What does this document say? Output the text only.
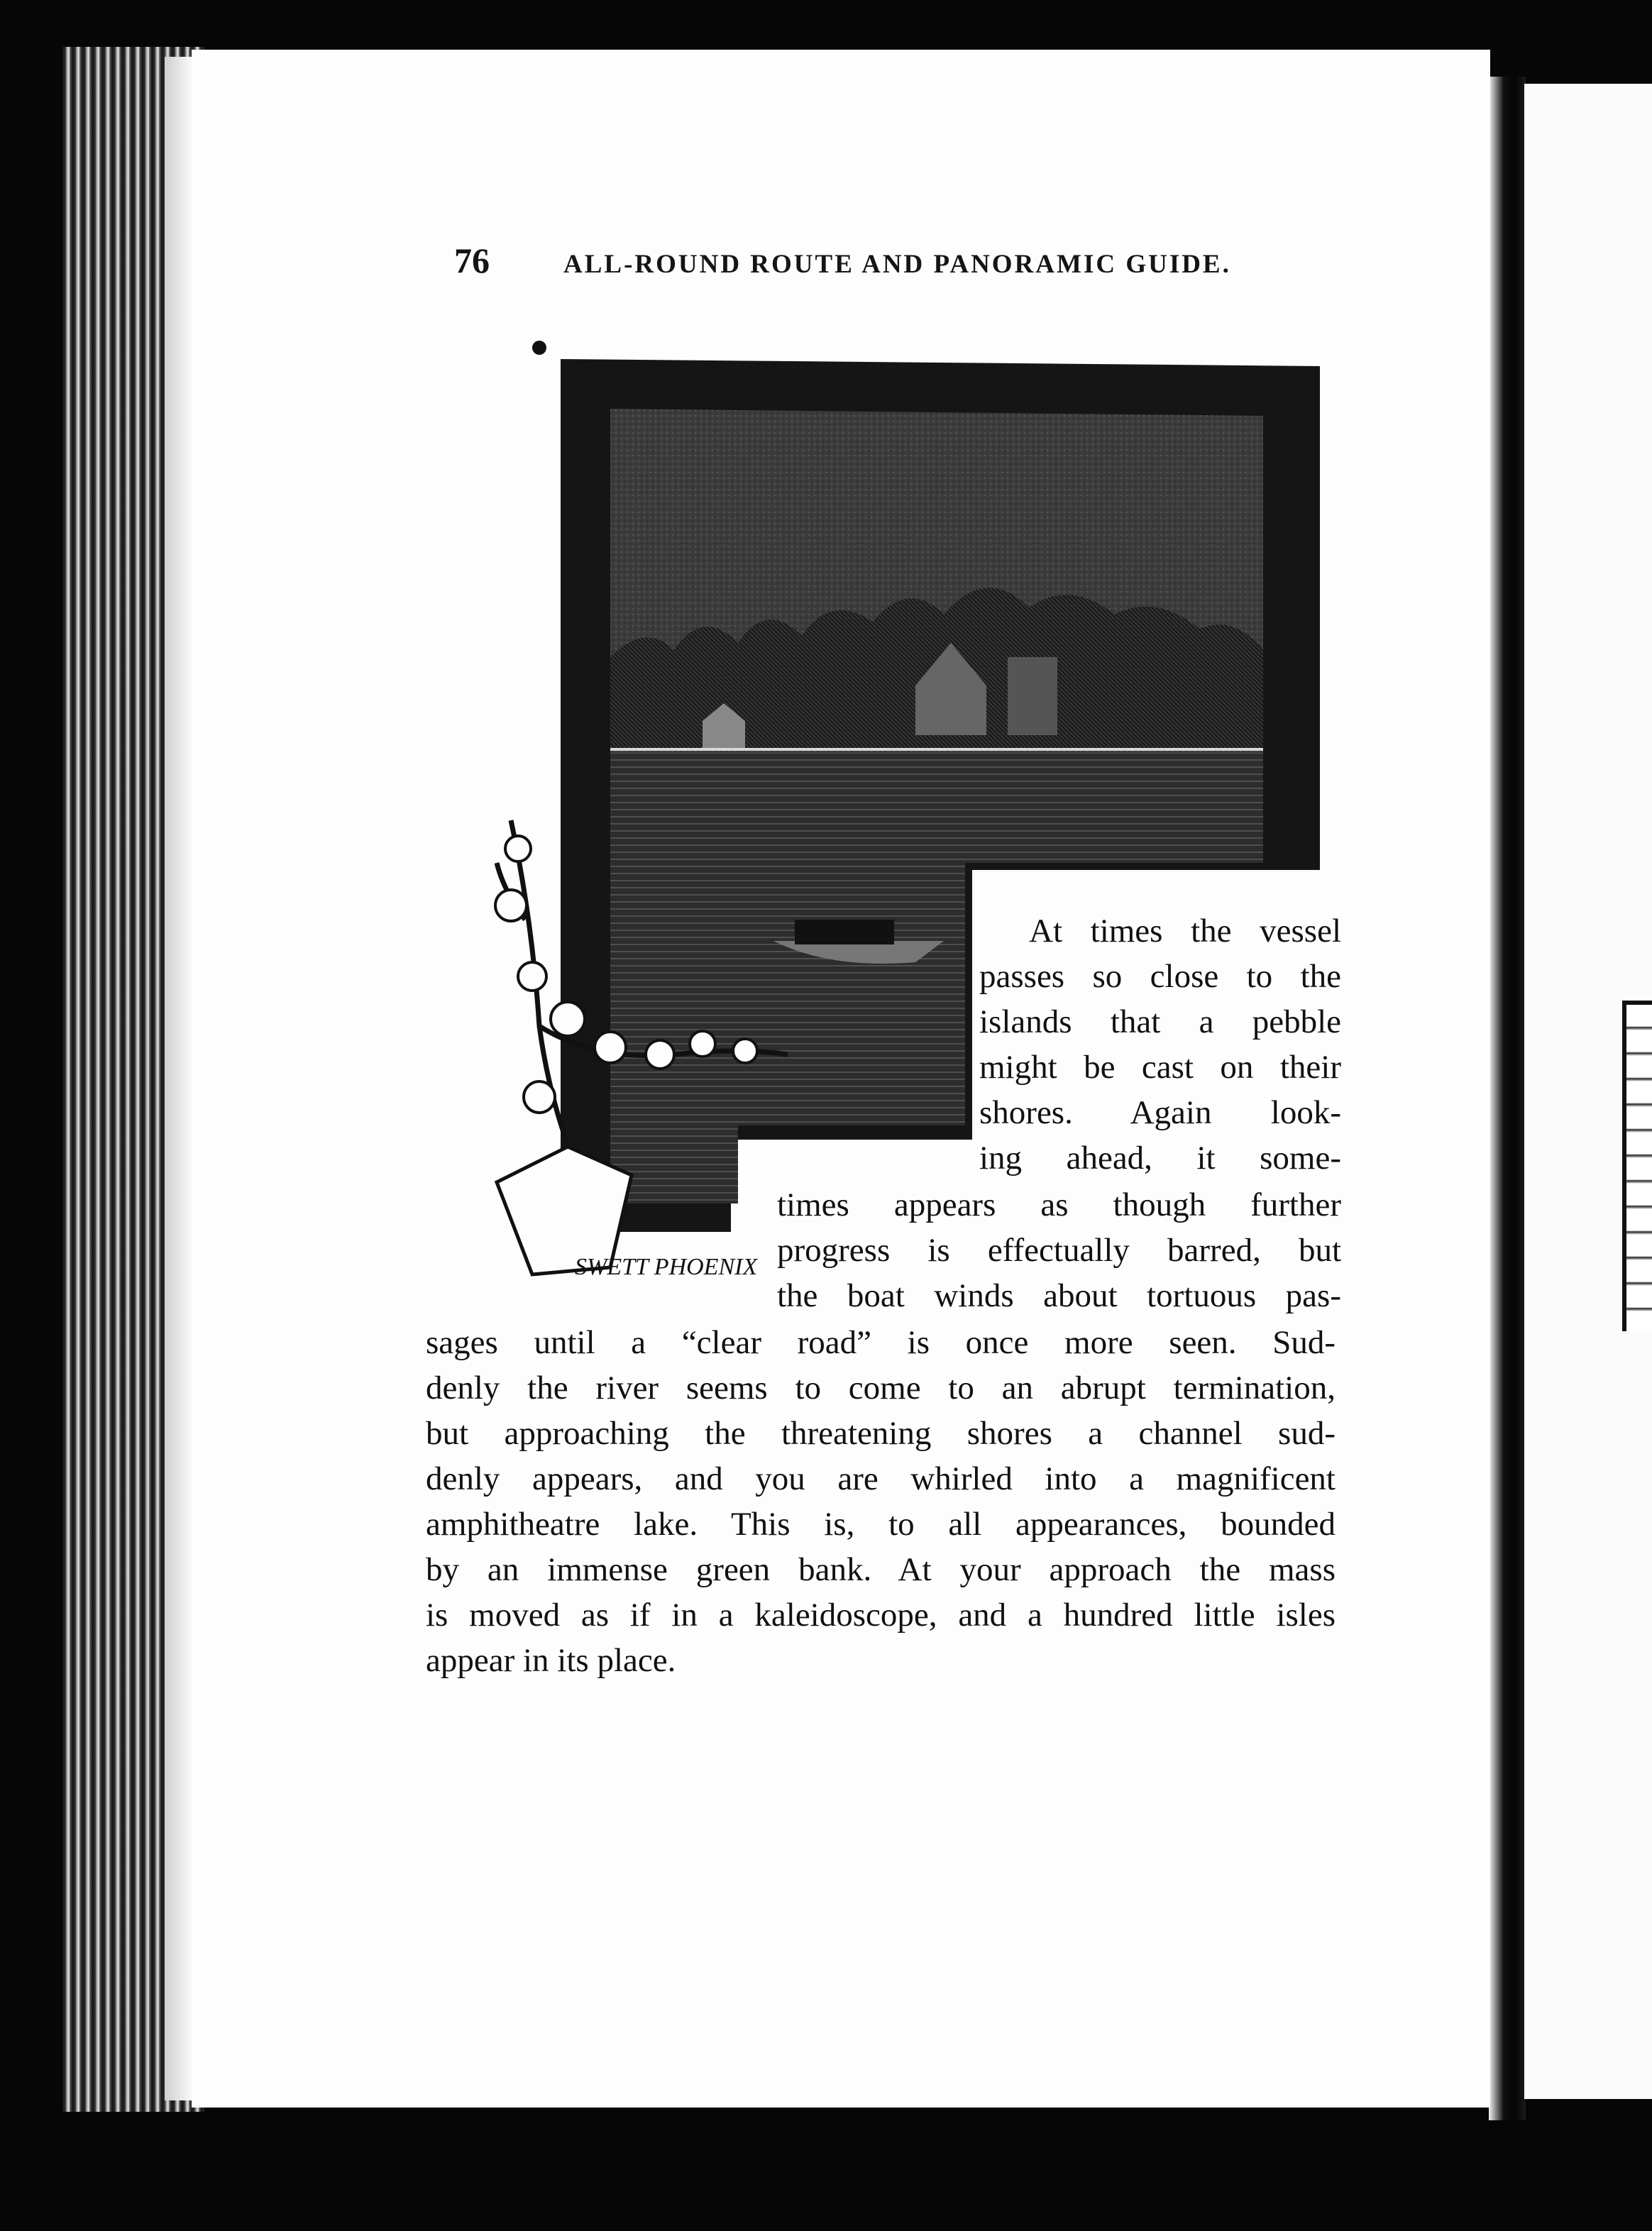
76	ALL-ROUND ROUTE AND PANORAMIC GUIDE.
SWETT PHOENIX
At times the vessel
passes so close to the
islands that a pebble
might be cast on their
shores. Again look-
ing ahead, it some-
times appears as though further
progress is effectually barred, but
the boat winds about tortuous pas-
sages until a “clear road” is once more seen. Sud-
denly the river seems to come to an abrupt termination,
but approaching the threatening shores a channel sud-
denly appears, and you are whirled into a magnificent
amphitheatre lake. This is, to all appearances, bounded
by an immense green bank. At your approach the mass
is moved as if in a kaleidoscope, and a hundred little isles
appear in its place.
